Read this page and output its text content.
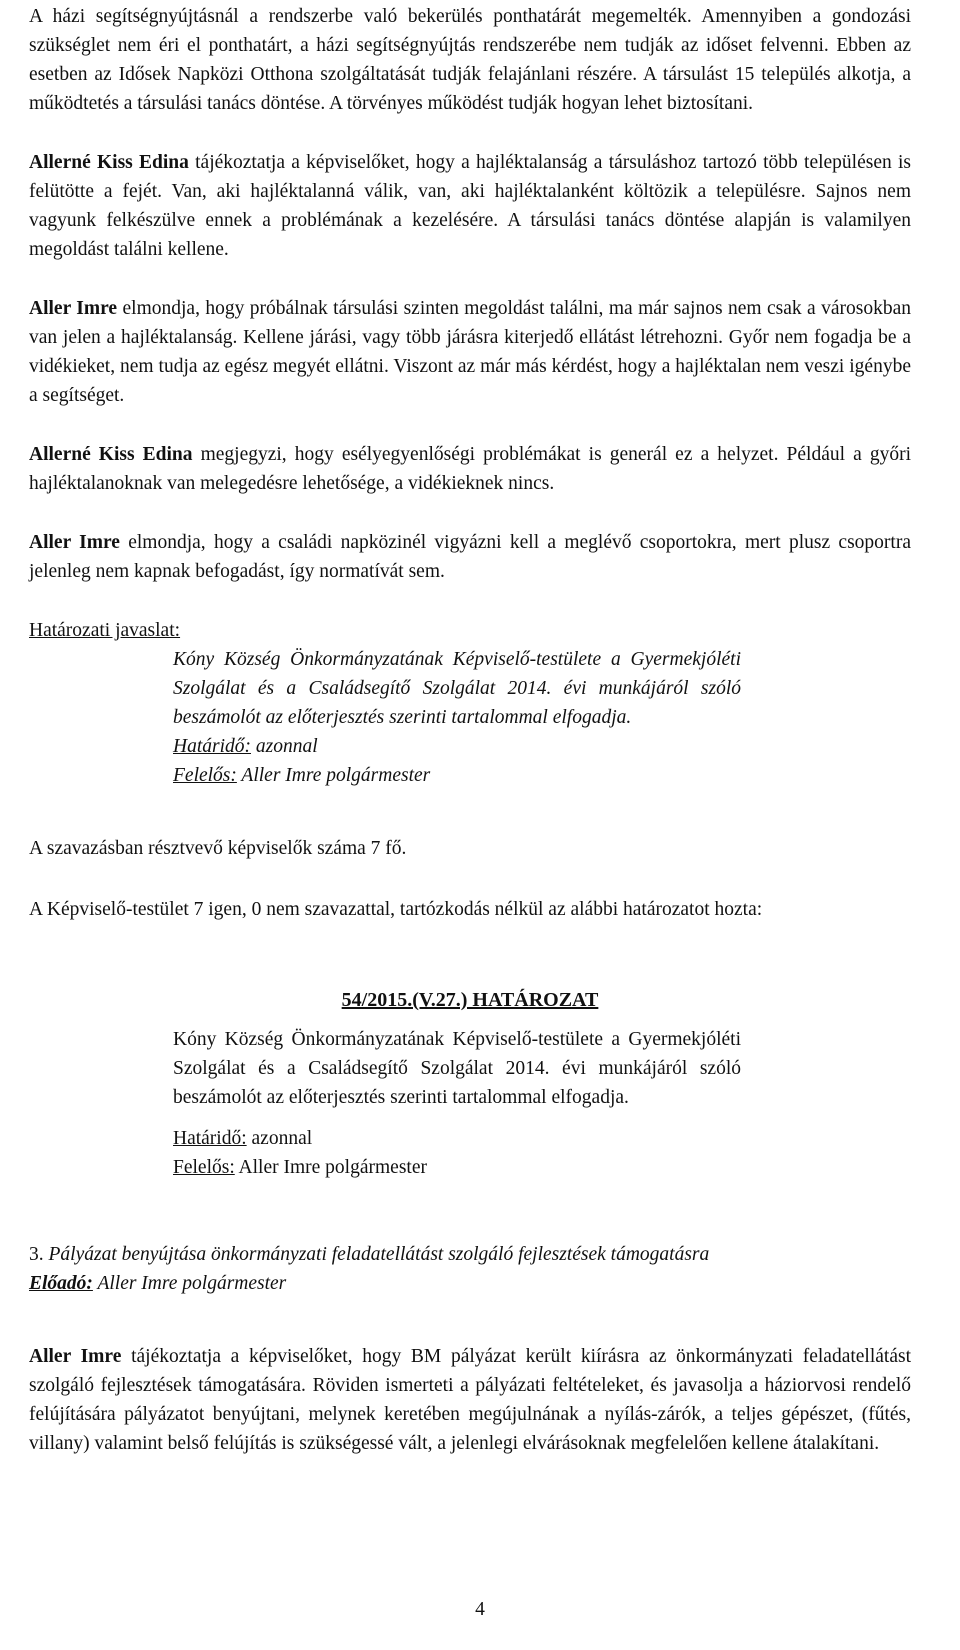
A házi segítségnyújtásnál a rendszerbe való bekerülés ponthatárát megemelték. Amennyiben a gondozási szükséglet nem éri el ponthatárt, a házi segítségnyújtás rendszerébe nem tudják az időset felvenni. Ebben az esetben az Idősek Napközi Otthona szolgáltatását tudják felajánlani részére. A társulást 15 település alkotja, a működtetés a társulási tanács döntése. A törvényes működést tudják hogyan lehet biztosítani.

Allerné Kiss Edina tájékoztatja a képviselőket, hogy a hajléktalanság a társuláshoz tartozó több településen is felütötte a fejét. Van, aki hajléktalanná válik, van, aki hajléktalanként költözik a településre. Sajnos nem vagyunk felkészülve ennek a problémának a kezelésére. A társulási tanács döntése alapján is valamilyen megoldást találni kellene.

Aller Imre elmondja, hogy próbálnak társulási szinten megoldást találni, ma már sajnos nem csak a városokban van jelen a hajléktalanság. Kellene járási, vagy több járásra kiterjedő ellátást létrehozni. Győr nem fogadja be a vidékieket, nem tudja az egész megyét ellátni. Viszont az már más kérdést, hogy a hajléktalan nem veszi igénybe a segítséget.

Allerné Kiss Edina megjegyzi, hogy esélyegyenlőségi problémákat is generál ez a helyzet. Például a győri hajléktalanoknak van melegedésre lehetősége, a vidékieknek nincs.

Aller Imre elmondja, hogy a családi napközinél vigyázni kell a meglévő csoportokra, mert plusz csoportra jelenleg nem kapnak befogadást, így normatívát sem.

Határozati javaslat:

Kóny Község Önkormányzatának Képviselő-testülete a Gyermekjóléti Szolgálat és a Családsegítő Szolgálat 2014. évi munkájáról szóló beszámolót az előterjesztés szerinti tartalommal elfogadja.

Határidő: azonnal

Felelős: Aller Imre polgármester

A szavazásban résztvevő képviselők száma 7 fő.

A Képviselő-testület 7 igen, 0 nem szavazattal, tartózkodás nélkül az alábbi határozatot hozta:

54/2015.(V.27.) HATÁROZAT

Kóny Község Önkormányzatának Képviselő-testülete a Gyermekjóléti Szolgálat és a Családsegítő Szolgálat 2014. évi munkájáról szóló beszámolót az előterjesztés szerinti tartalommal elfogadja.

Határidő: azonnal

Felelős: Aller Imre polgármester

3. Pályázat benyújtása önkormányzati feladatellátást szolgáló fejlesztések támogatásra

Előadó: Aller Imre polgármester

Aller Imre tájékoztatja a képviselőket, hogy BM pályázat került kiírásra az önkormányzati feladatellátást szolgáló fejlesztések támogatására. Röviden ismerteti a pályázati feltételeket, és javasolja a háziorvosi rendelő felújítására pályázatot benyújtani, melynek keretében megújulnának a nyílás-zárók, a teljes gépészet, (fűtés, villany) valamint belső felújítás is szükségessé vált, a jelenlegi elvárásoknak megfelelően kellene átalakítani.

4
